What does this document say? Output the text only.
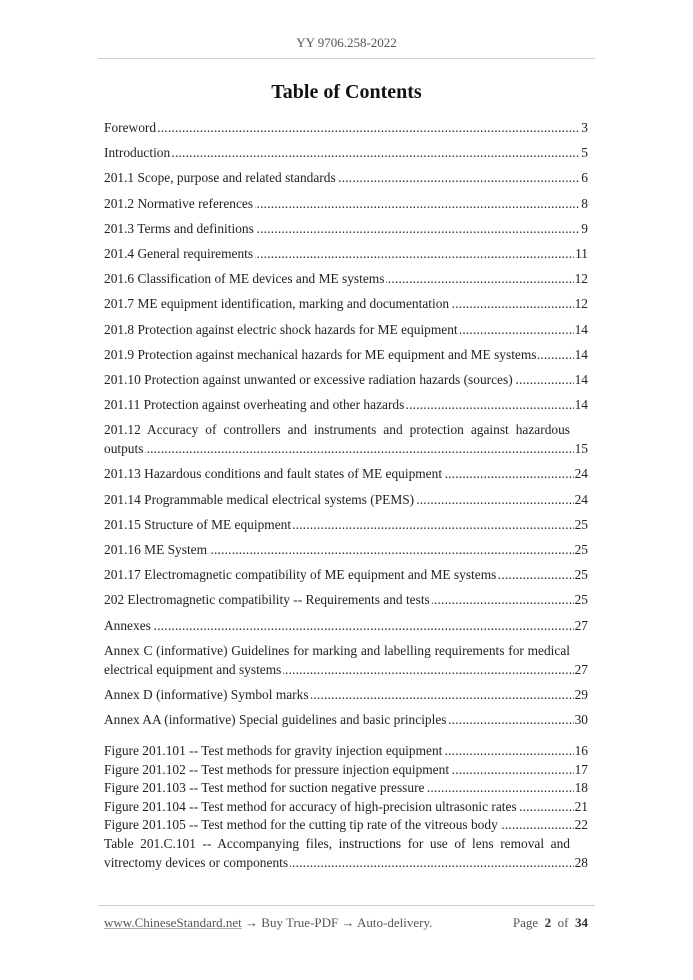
YY 9706.258-2022
Table of Contents
Foreword	3
.....
Introduction	5
.....
201.1 Scope, purpose and related standards	6
.....
201.2 Normative references	8
.....
201.3 Terms and definitions	9
.....
201.4 General requirements	11
.....
201.6 Classification of ME devices and ME systems	12
.....
201.7 ME equipment identification, marking and documentation	12
.....
201.8 Protection against electric shock hazards for ME equipment	14
.....
201.9 Protection against mechanical hazards for ME equipment and ME systems	14
.....
201.10 Protection against unwanted or excessive radiation hazards (sources)	14
.....
201.11 Protection against overheating and other hazards	14
.....
201.12 Accuracy of controllers and instruments and protection against hazardous outputs	15
.....
201.13 Hazardous conditions and fault states of ME equipment	24
.....
201.14 Programmable medical electrical systems (PEMS)	24
.....
201.15 Structure of ME equipment	25
.....
201.16 ME System	25
.....
201.17 Electromagnetic compatibility of ME equipment and ME systems	25
.....
202 Electromagnetic compatibility -- Requirements and tests	25
.....
Annexes	27
.....
Annex C (informative) Guidelines for marking and labelling requirements for medical electrical equipment and systems	27
.....
Annex D (informative) Symbol marks	29
.....
Annex AA (informative) Special guidelines and basic principles	30
.....
Figure 201.101 -- Test methods for gravity injection equipment	16
.....
Figure 201.102 -- Test methods for pressure injection equipment	17
.....
Figure 201.103 -- Test method for suction negative pressure	18
.....
Figure 201.104 -- Test method for accuracy of high-precision ultrasonic rates	21
.....
Figure 201.105 -- Test method for the cutting tip rate of the vitreous body	22
.....
Table 201.C.101 -- Accompanying files, instructions for use of lens removal and vitrectomy devices or components	28
.....
www.ChineseStandard.net → Buy True-PDF → Auto-delivery.	Page 2 of 34
